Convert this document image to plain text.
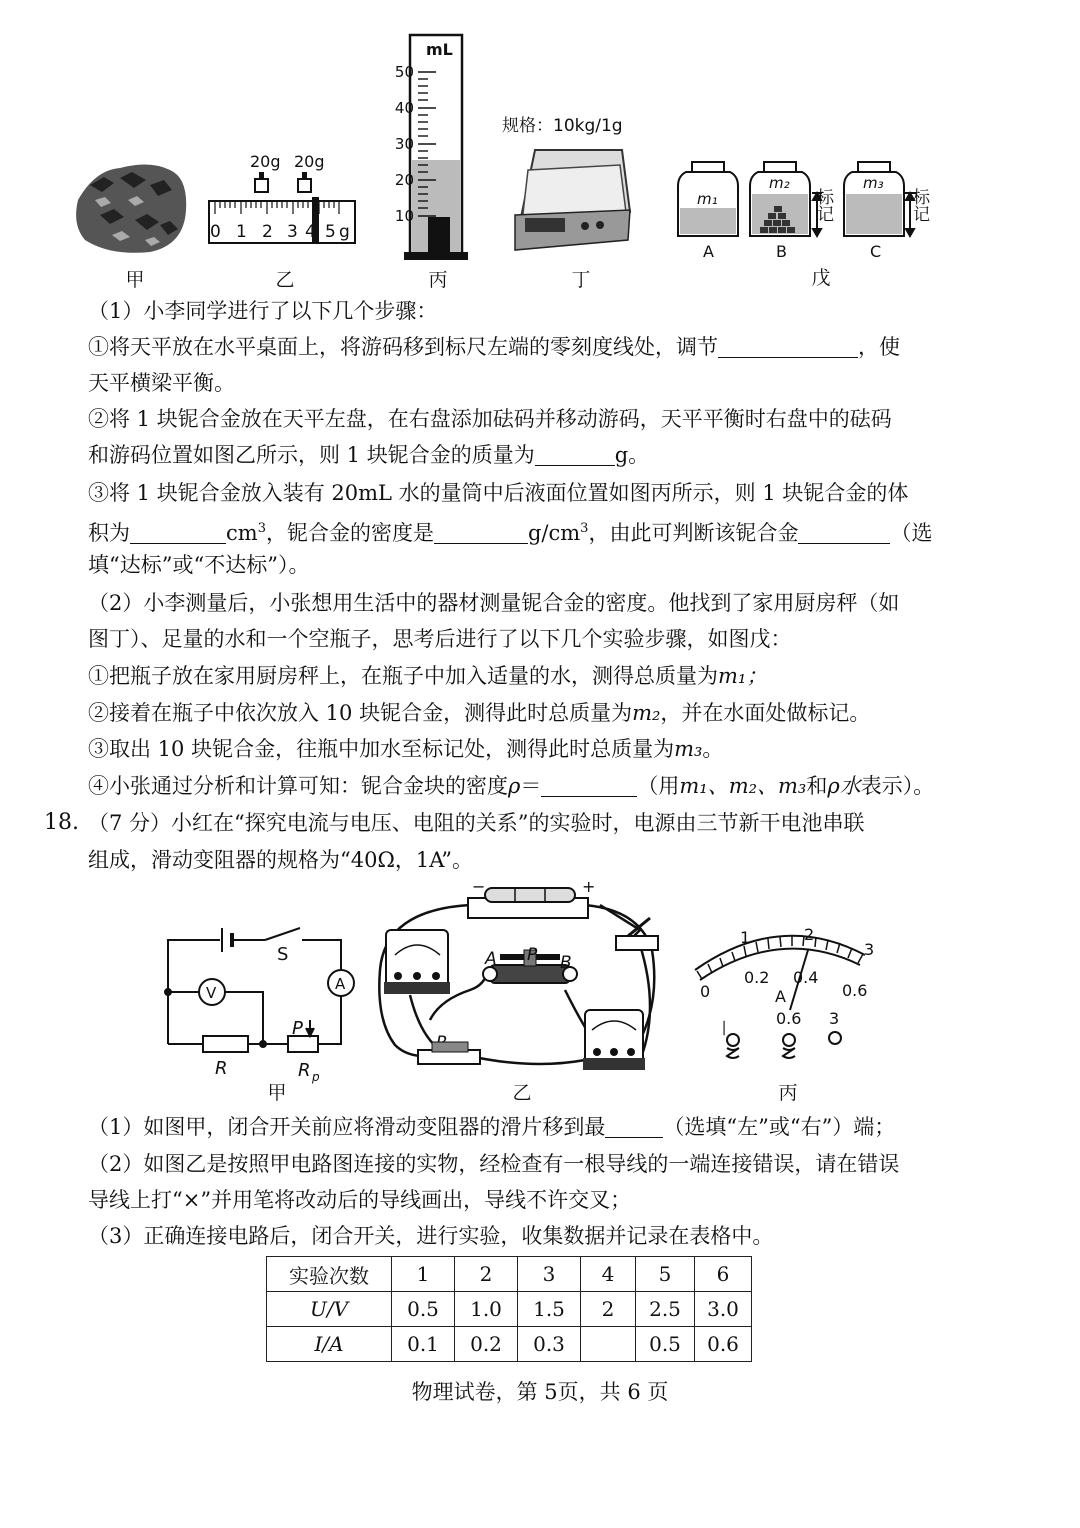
0 1 2 3 4 5 g
20g 20g
mL
50
40
30
20
10
规格：10kg/1g
m₁
m₂	m₃
标记	标记
A	B	C
甲	乙	丙	丁	戊
（1）小李同学进行了以下几个步骤：
①将天平放在水平桌面上，将游码移到标尺左端的零刻度线处，调节	，使
天平横梁平衡。
②将 1 块铌合金放在天平左盘，在右盘添加砝码并移动游码，天平平衡时右盘中的砝码
和游码位置如图乙所示，则 1 块铌合金的质量为	g。
③将 1 块铌合金放入装有 20mL 水的量筒中后液面位置如图丙所示，则 1 块铌合金的体
积为	$cm^3$，铌合金的密度是	$g/cm^3$，由此可判断该铌合金	（选
填“达标”或“不达标”）。
（2）小李测量后，小张想用生活中的器材测量铌合金的密度。他找到了家用厨房秤（如
图丁）、足量的水和一个空瓶子，思考后进行了以下几个实验步骤，如图戊：
①把瓶子放在家用厨房秤上，在瓶子中加入适量的水，测得总质量为m₁；
②接着在瓶子中依次放入 10 块铌合金，测得此时总质量为m₂，并在水面处做标记。
③取出 10 块铌合金，往瓶中加水至标记处，测得此时总质量为m₃。
④小张通过分析和计算可知：铌合金块的密度ρ＝	（用m₁、m₂、m₃和ρ水表示）。
18. （7 分）小红在“探究电流与电压、电阻的关系”的实验时，电源由三节新干电池串联
组成，滑动变阻器的规格为“40Ω，1A”。
S
V	A
R
P
R p
−	+
A P B
0
1	2
3
0.2 0.4
0.6
A
0.6 3
—
甲	乙	丙
（1）如图甲，闭合开关前应将滑动变阻器的滑片移到最	（选填“左”或“右”）端；
（2）如图乙是按照甲电路图连接的实物，经检查有一根导线的一端连接错误，请在错误
导线上打“×”并用笔将改动后的导线画出，导线不许交叉；
（3）正确连接电路后，闭合开关，进行实验，收集数据并记录在表格中。
实验次数	1	2	3	4	5	6
U/V	0.5	1.0	1.5	2	2.5	3.0
I/A	0.1	0.2	0.3		0.5	0.6
物理试卷，第 5页，共 6 页
